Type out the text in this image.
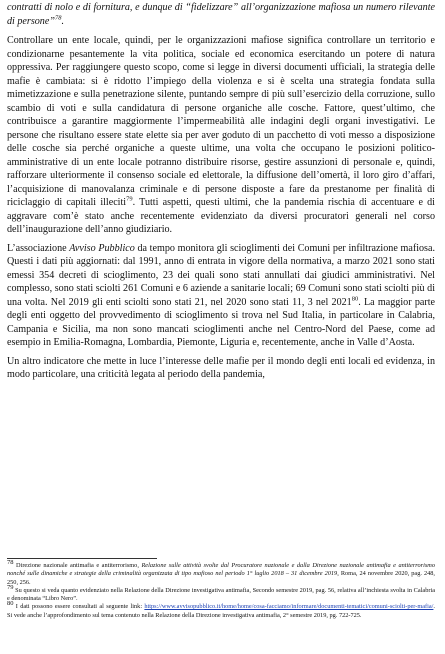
contratti di nolo e di fornitura, e dunque di “fidelizzare” all’organizzazione mafiosa un numero rilevante di persone”$^{78}$.

Controllare un ente locale, quindi, per le organizzazioni mafiose significa controllare un territorio e condizionarne pesantemente la vita politica, sociale ed economica esercitando un potere di natura oppressiva. Per raggiungere questo scopo, come si legge in diversi documenti ufficiali, la strategia delle mafie è cambiata: si è ridotto l’impiego della violenza e si è scelta una strategia fondata sulla mimetizzazione e sulla penetrazione silente, puntando sempre di più sull’esercizio della corruzione, sullo scambio di voti e sulla candidatura di persone organiche alle cosche. Fattore, quest’ultimo, che contribuisce a garantire maggiormente l’impermeabilità alle indagini degli organi investigativi. Le persone che risultano essere state elette sia per aver goduto di un pacchetto di voti messo a disposizione delle cosche sia perché organiche a queste ultime, una volta che occupano le posizioni politico-amministrative di un ente locale potranno distribuire risorse, gestire assunzioni di personale e, quindi, rafforzare ulteriormente il consenso sociale ed elettorale, la diffusione dell’omertà, il loro giro d’affari, l’acquisizione di manovalanza criminale e di persone disposte a fare da prestanome per finalità di riciclaggio di capitali illeciti$^{79}$. Tutti aspetti, questi ultimi, che la pandemia rischia di accentuare e di aggravare com’è stato anche recentemente evidenziato da diversi procuratori generali nel corso dell’inaugurazione dell’anno giudiziario.

L’associazione Avviso Pubblico da tempo monitora gli scioglimenti dei Comuni per infiltrazione mafiosa. Questi i dati più aggiornati: dal 1991, anno di entrata in vigore della normativa, a marzo 2021 sono stati emessi 354 decreti di scioglimento, 23 dei quali sono stati annullati dai giudici amministrativi. Nel complesso, sono stati sciolti 261 Comuni e 6 aziende a sanitarie locali; 69 Comuni sono stati sciolti più di una volta. Nel 2019 gli enti sciolti sono stati 21, nel 2020 sono stati 11, 3 nel 2021$^{80}$. La maggior parte degli enti oggetto del provvedimento di scioglimento si trova nel Sud Italia, in particolare in Calabria, Campania e Sicilia, ma non sono mancati scioglimenti anche nel Centro-Nord del Paese, come ad esempio in Emilia-Romagna, Lombardia, Piemonte, Liguria e, recentemente, anche in Valle d’Aosta.

Un altro indicatore che mette in luce l’interesse delle mafie per il mondo degli enti locali ed evidenza, in modo particolare, una criticità legata al periodo della pandemia,

$^{78}$ Direzione nazionale antimafia e antiterrorismo, Relazione sulle attività svolte dal Procuratore nazionale e dalla Direzione nazionale antimafia e antiterrorismo nonché sulle dinamiche e strategie della criminalità organizzata di tipo mafioso nel periodo 1° luglio 2018 – 31 dicembre 2019, Roma, 24 novembre 2020, pag. 248, 250, 256.

$^{79}$ Su questo si veda quanto evidenziato nella Relazione della Direzione investigativa antimafia, Secondo semestre 2019, pag. 56, relativa all’inchiesta svolta in Calabria e denominata “Libro Nero”.

$^{80}$ I dati possono essere consultati al seguente link: https://www.avvisopubblico.it/home/home/cosa-facciamo/informare/documenti-tematici/comuni-sciolti-per-mafia/. Si vede anche l’approfondimento sul tema contenuto nella Relazione della Direzione investigativa antimafia, 2° semestre 2019, pg. 722-725.
